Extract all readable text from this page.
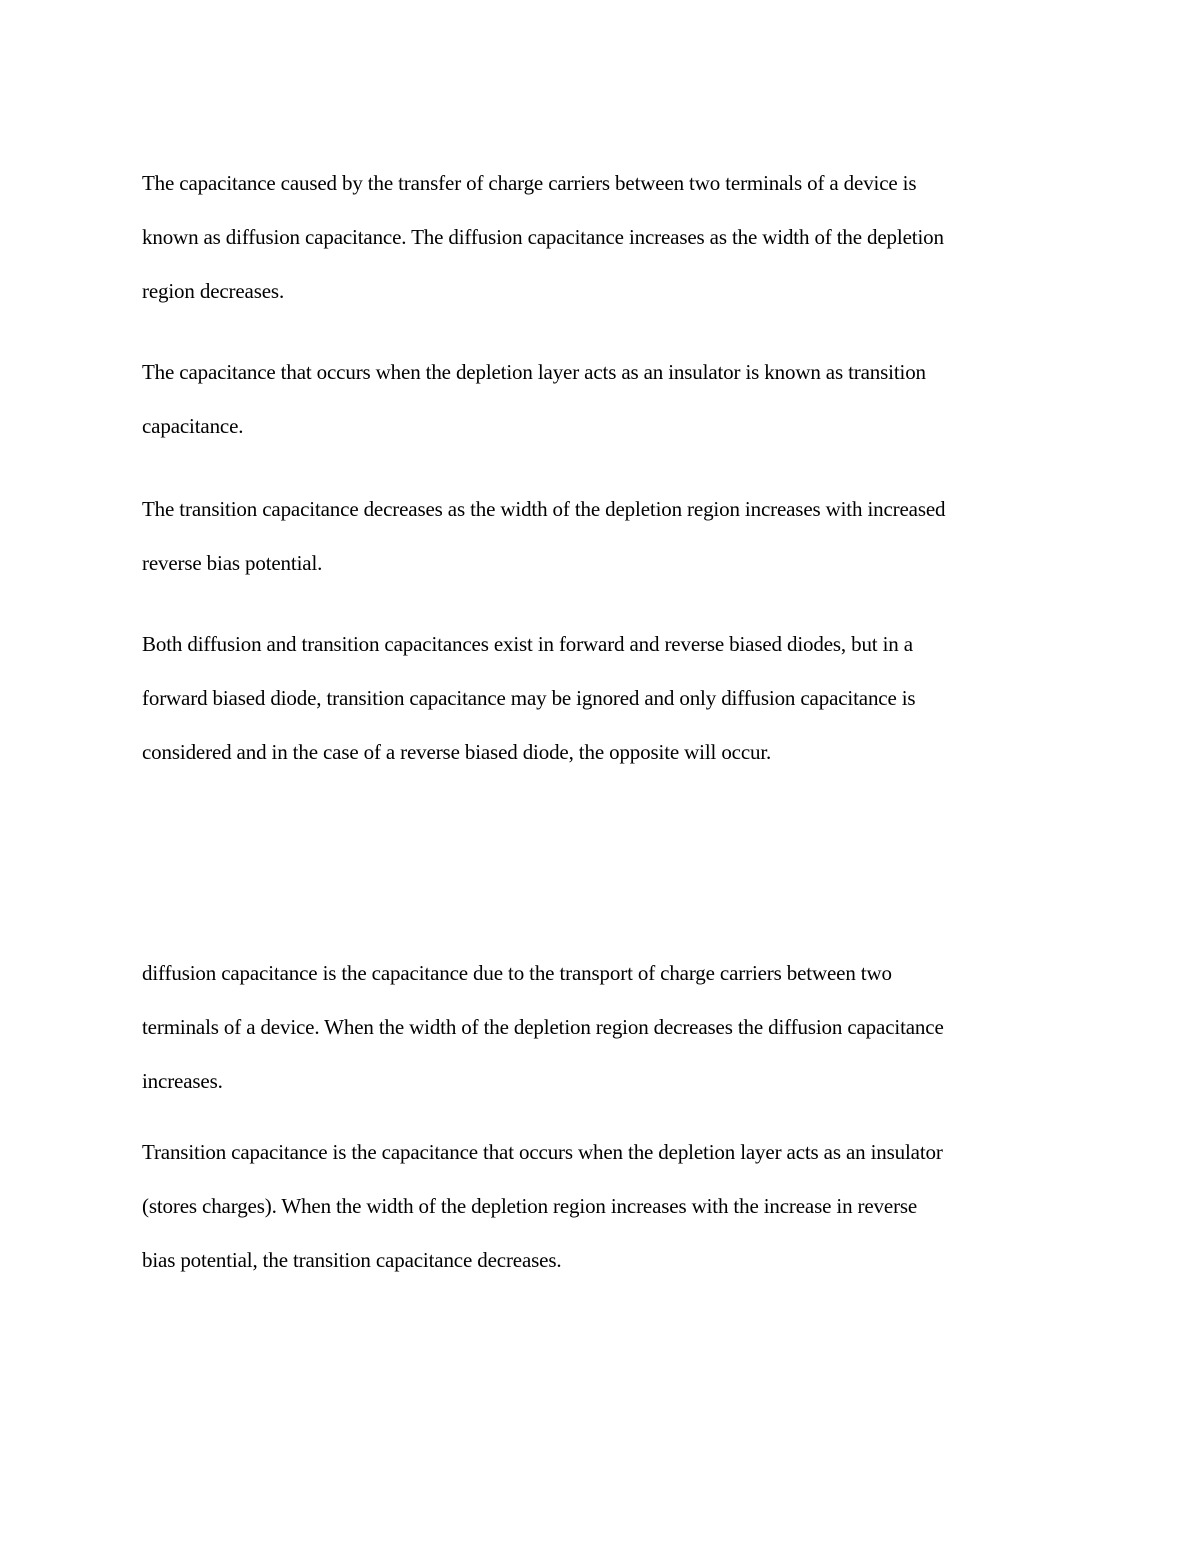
The capacitance caused by the transfer of charge carriers between two terminals of a device is
known as diffusion capacitance. The diffusion capacitance increases as the width of the depletion
region decreases.

The capacitance that occurs when the depletion layer acts as an insulator is known as transition
capacitance.

The transition capacitance decreases as the width of the depletion region increases with increased
reverse bias potential.

Both diffusion and transition capacitances exist in forward and reverse biased diodes, but in a
forward biased diode, transition capacitance may be ignored and only diffusion capacitance is
considered and in the case of a reverse biased diode, the opposite will occur.

diffusion capacitance is the capacitance due to the transport of charge carriers between two
terminals of a device. When the width of the depletion region decreases the diffusion capacitance
increases.

Transition capacitance is the capacitance that occurs when the depletion layer acts as an insulator
(stores charges). When the width of the depletion region increases with the increase in reverse
bias potential, the transition capacitance decreases.
